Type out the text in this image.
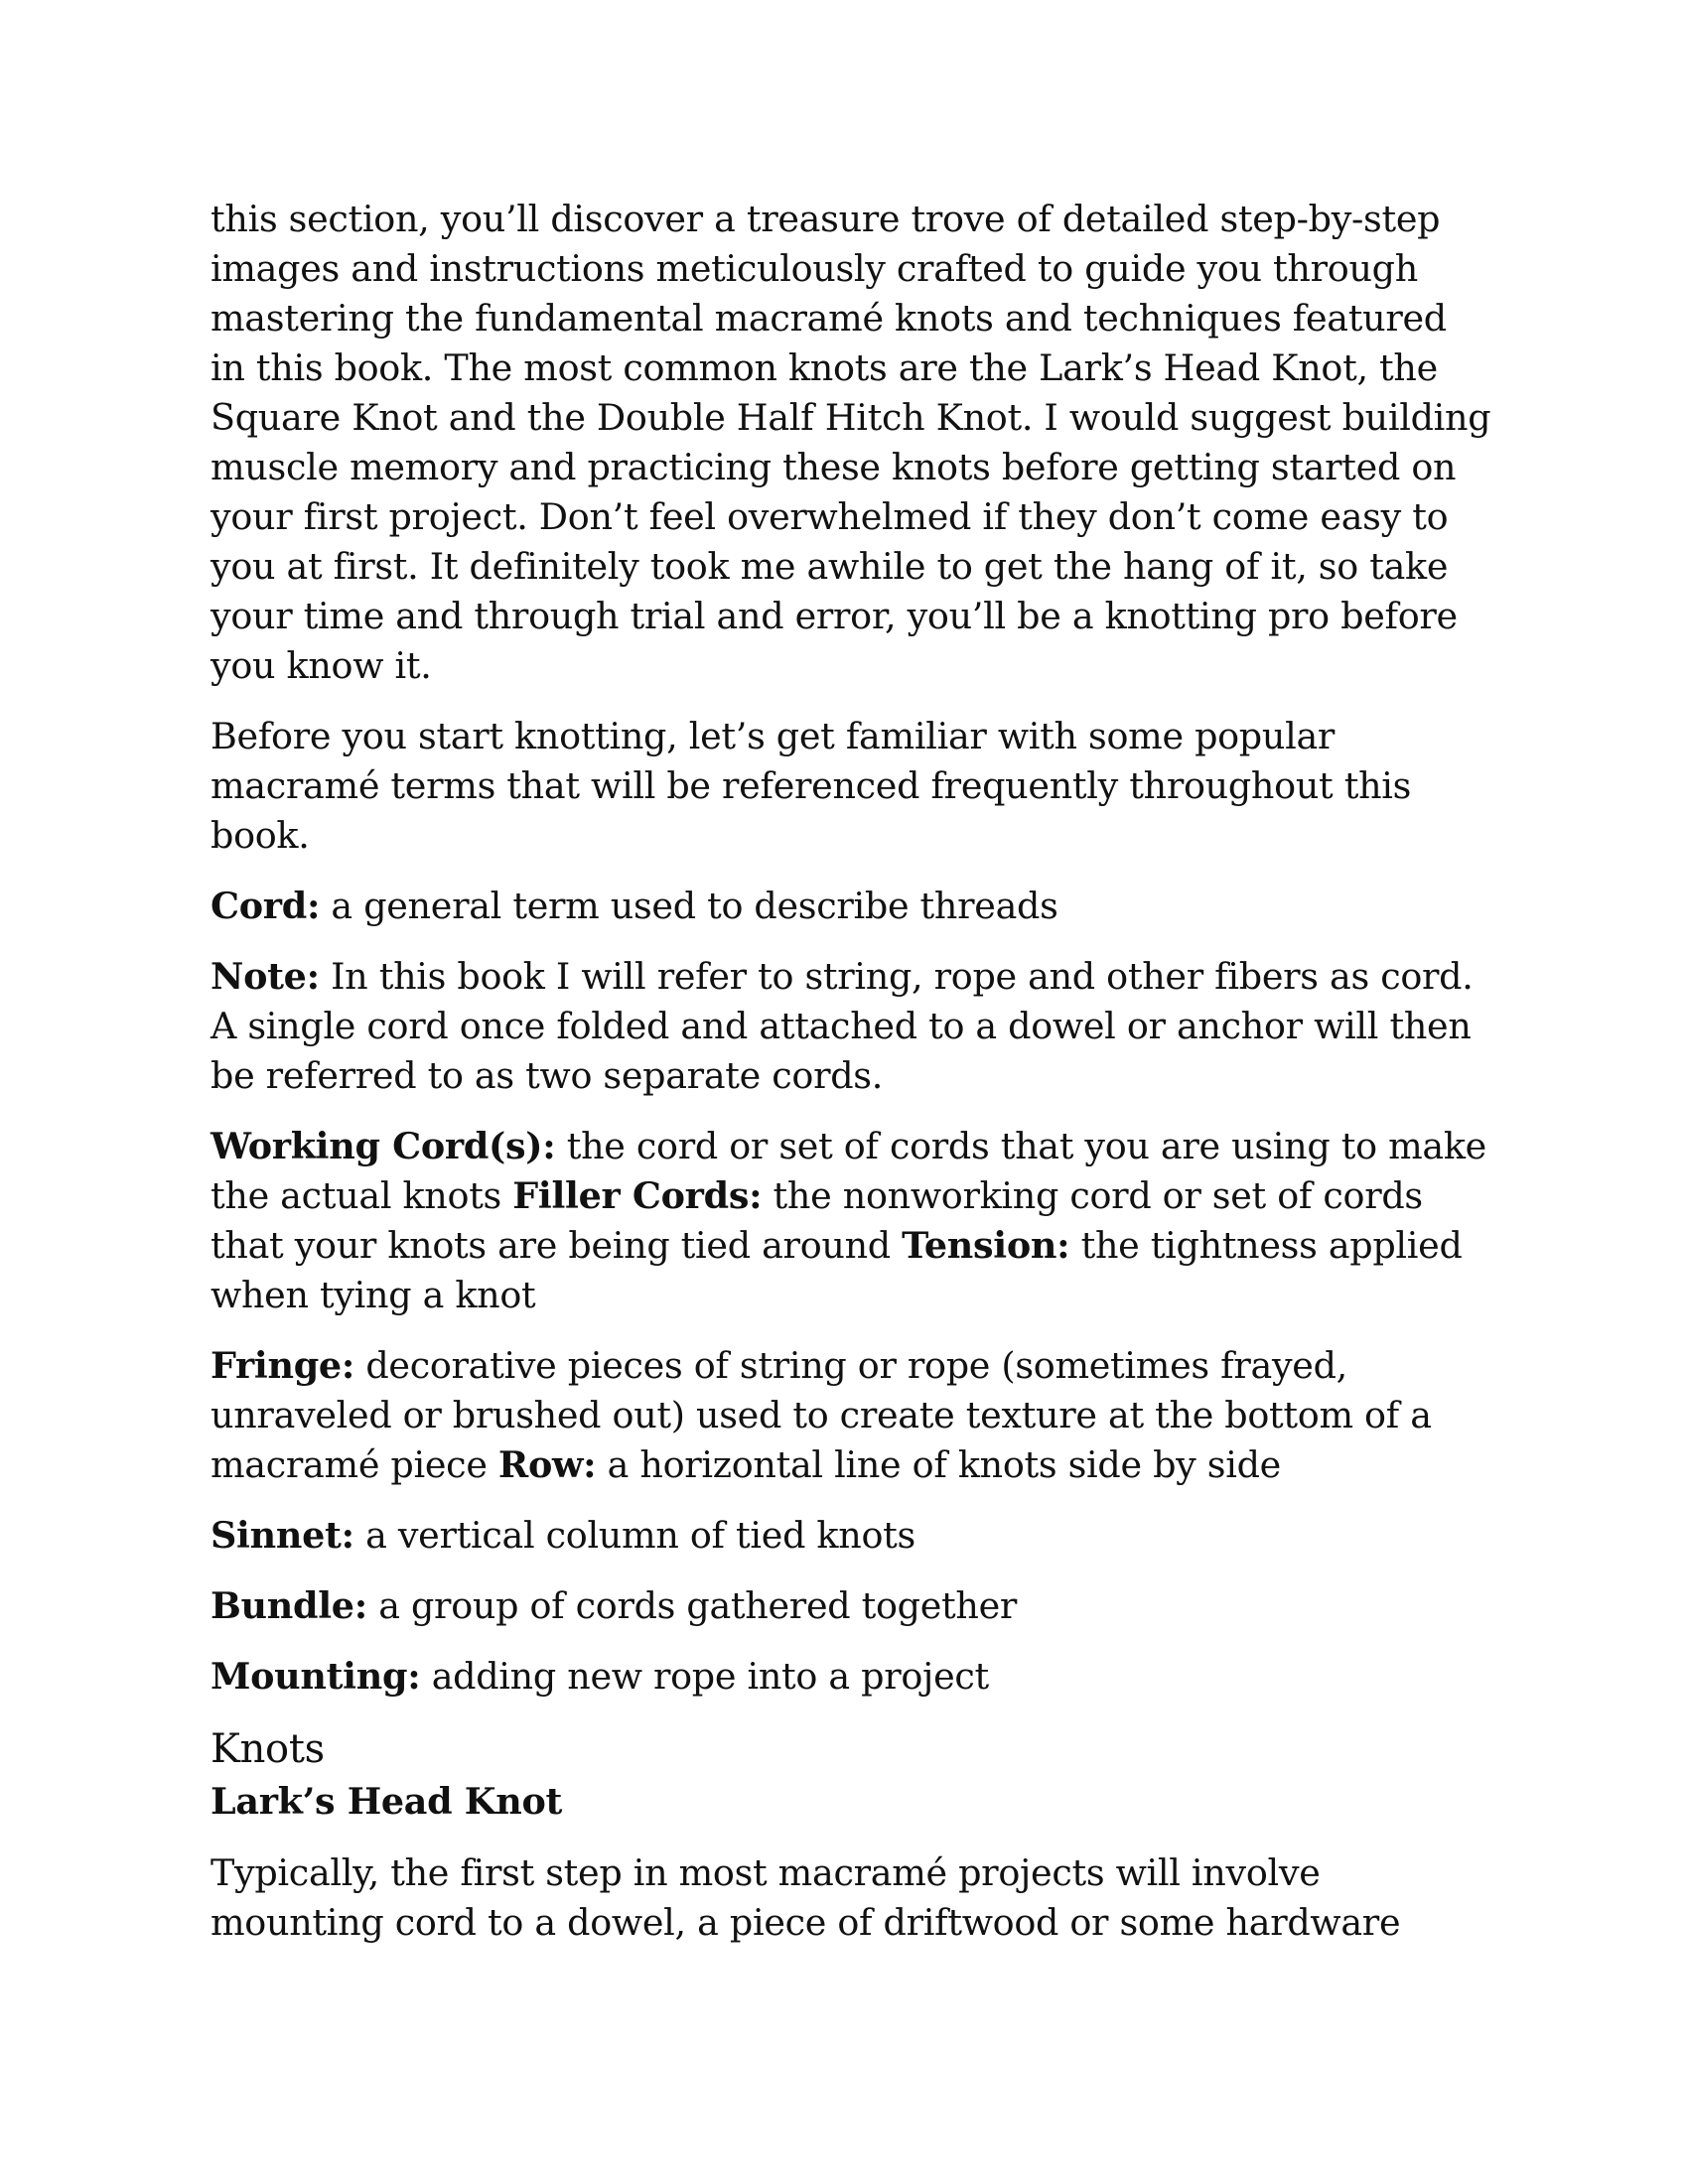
this section, you’ll discover a treasure trove of detailed step-by-step images and instructions meticulously crafted to guide you through mastering the fundamental macramé knots and techniques featured in this book. The most common knots are the Lark’s Head Knot, the Square Knot and the Double Half Hitch Knot. I would suggest building muscle memory and practicing these knots before getting started on your first project. Don’t feel overwhelmed if they don’t come easy to you at first. It definitely took me awhile to get the hang of it, so take your time and through trial and error, you’ll be a knotting pro before you know it.

Before you start knotting, let’s get familiar with some popular macramé terms that will be referenced frequently throughout this book.

Cord: a general term used to describe threads

Note: In this book I will refer to string, rope and other fibers as cord. A single cord once folded and attached to a dowel or anchor will then be referred to as two separate cords.

Working Cord(s): the cord or set of cords that you are using to make the actual knots Filler Cords: the nonworking cord or set of cords that your knots are being tied around Tension: the tightness applied when tying a knot

Fringe: decorative pieces of string or rope (sometimes frayed, unraveled or brushed out) used to create texture at the bottom of a macramé piece Row: a horizontal line of knots side by side

Sinnet: a vertical column of tied knots

Bundle: a group of cords gathered together

Mounting: adding new rope into a project

Knots
Lark’s Head Knot

Typically, the first step in most macramé projects will involve mounting cord to a dowel, a piece of driftwood or some hardware
